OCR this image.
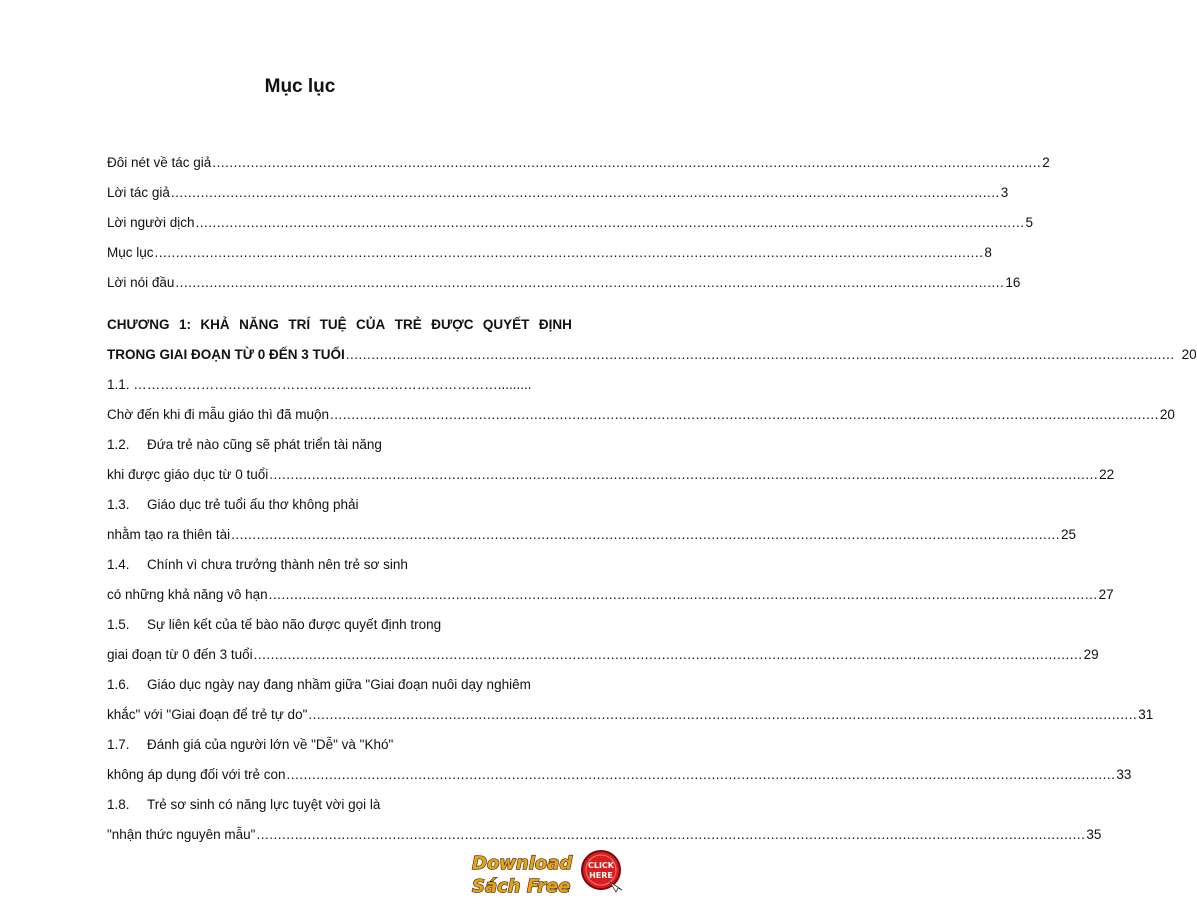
Mục lục
Đôi nét về tác giả .....	2
Lời tác giả .....	3
Lời người dịch .....	5
Mục lục .....	8
Lời nói đầu .....	16
CHƯƠNG 1: KHẢ NĂNG TRÍ TUỆ CỦA TRẺ ĐƯỢC QUYẾT ĐỊNH
TRONG GIAI ĐOẠN TỪ 0 ĐẾN 3 TUỔI .....	20
1.1. ……………………………………………………………………….........
Chờ đến khi đi mẫu giáo thì đã muộn .....	20
1.2. Đứa trẻ nào cũng sẽ phát triển tài năng
khi được giáo dục từ 0 tuổi .....	22
1.3. Giáo dục trẻ tuổi ấu thơ không phải
nhằm tạo ra thiên tài .....	25
1.4. Chính vì chưa trưởng thành nên trẻ sơ sinh
có những khả năng vô hạn .....	27
1.5. Sự liên kết của tế bào não được quyết định trong
giai đoạn từ 0 đến 3 tuổi .....	29
1.6. Giáo dục ngày nay đang nhầm giữa "Giai đoạn nuôi dạy nghiêm
khắc" với "Giai đoạn để trẻ tự do" .....	31
1.7. Đánh giá của người lớn về "Dễ" và "Khó"
không áp dụng đối với trẻ con .....	33
1.8. Trẻ sơ sinh có năng lực tuyệt vời gọi là
"nhận thức nguyên mẫu" .....	35
Download
Sách Free
CLICK
HERE
